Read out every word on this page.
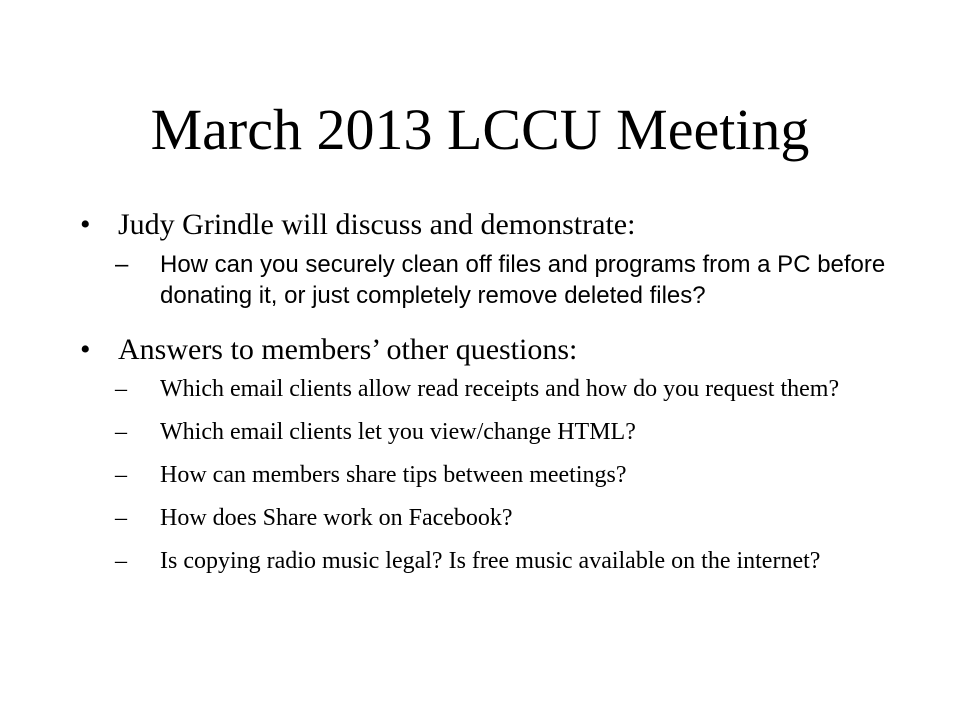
March 2013 LCCU Meeting
• Judy Grindle will discuss and demonstrate:
– How can you securely clean off files and programs from a PC before donating it, or just completely remove deleted files?
• Answers to members’ other questions:
– Which email clients allow read receipts and how do you request them?
– Which email clients let you view/change HTML?
– How can members share tips between meetings?
– How does Share work on Facebook?
– Is copying radio music legal? Is free music available on the internet?
